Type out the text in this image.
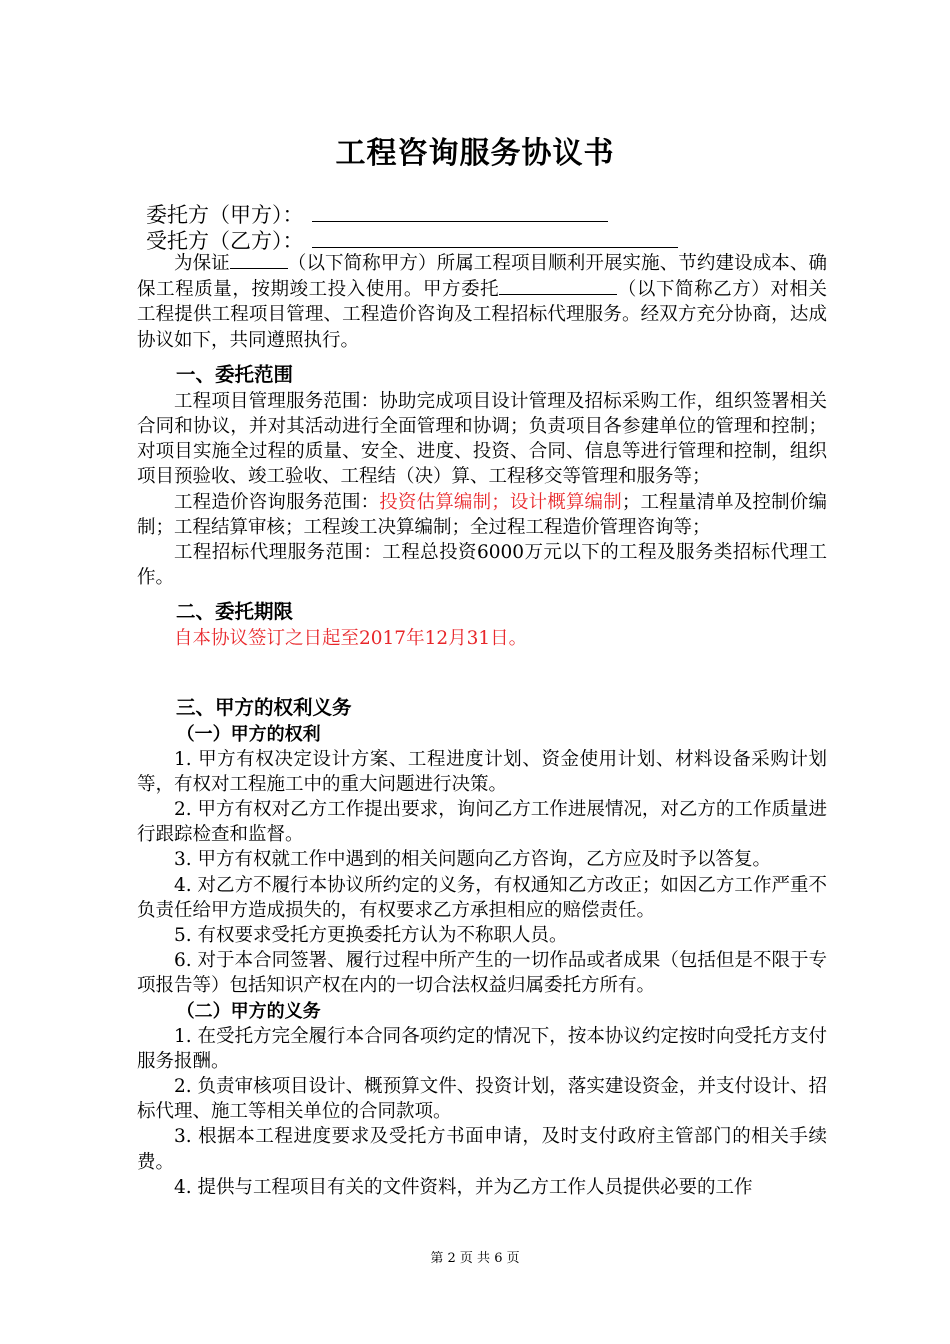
工程咨询服务协议书
委托方（甲方）：
受托方（乙方）：

为保证	（以下简称甲方）所属工程项目顺利开展实施、节约建设成本、确保工程质量，按期竣工投入使用。甲方委托	（以下简称乙方）对相关工程提供工程项目管理、工程造价咨询及工程招标代理服务。经双方充分协商，达成协议如下，共同遵照执行。

一、委托范围

工程项目管理服务范围：协助完成项目设计管理及招标采购工作，组织签署相关合同和协议，并对其活动进行全面管理和协调；负责项目各参建单位的管理和控制；对项目实施全过程的质量、安全、进度、投资、合同、信息等进行管理和控制，组织项目预验收、竣工验收、工程结（决）算、工程移交等管理和服务等；

工程造价咨询服务范围：投资估算编制；设计概算编制；工程量清单及控制价编制；工程结算审核；工程竣工决算编制；全过程工程造价管理咨询等；

工程招标代理服务范围：工程总投资6000万元以下的工程及服务类招标代理工作。

二、委托期限

自本协议签订之日起至2017年12月31日。

三、甲方的权利义务

（一）甲方的权利

1. 甲方有权决定设计方案、工程进度计划、资金使用计划、材料设备采购计划等，有权对工程施工中的重大问题进行决策。

2. 甲方有权对乙方工作提出要求，询问乙方工作进展情况，对乙方的工作质量进行跟踪检查和监督。

3. 甲方有权就工作中遇到的相关问题向乙方咨询，乙方应及时予以答复。

4. 对乙方不履行本协议所约定的义务，有权通知乙方改正；如因乙方工作严重不负责任给甲方造成损失的，有权要求乙方承担相应的赔偿责任。

5. 有权要求受托方更换委托方认为不称职人员。

6. 对于本合同签署、履行过程中所产生的一切作品或者成果（包括但是不限于专项报告等）包括知识产权在内的一切合法权益归属委托方所有。

（二）甲方的义务

1. 在受托方完全履行本合同各项约定的情况下，按本协议约定按时向受托方支付服务报酬。

2. 负责审核项目设计、概预算文件、投资计划，落实建设资金，并支付设计、招标代理、施工等相关单位的合同款项。

3. 根据本工程进度要求及受托方书面申请，及时支付政府主管部门的相关手续费。

4. 提供与工程项目有关的文件资料，并为乙方工作人员提供必要的工作

第 2 页 共 6 页
